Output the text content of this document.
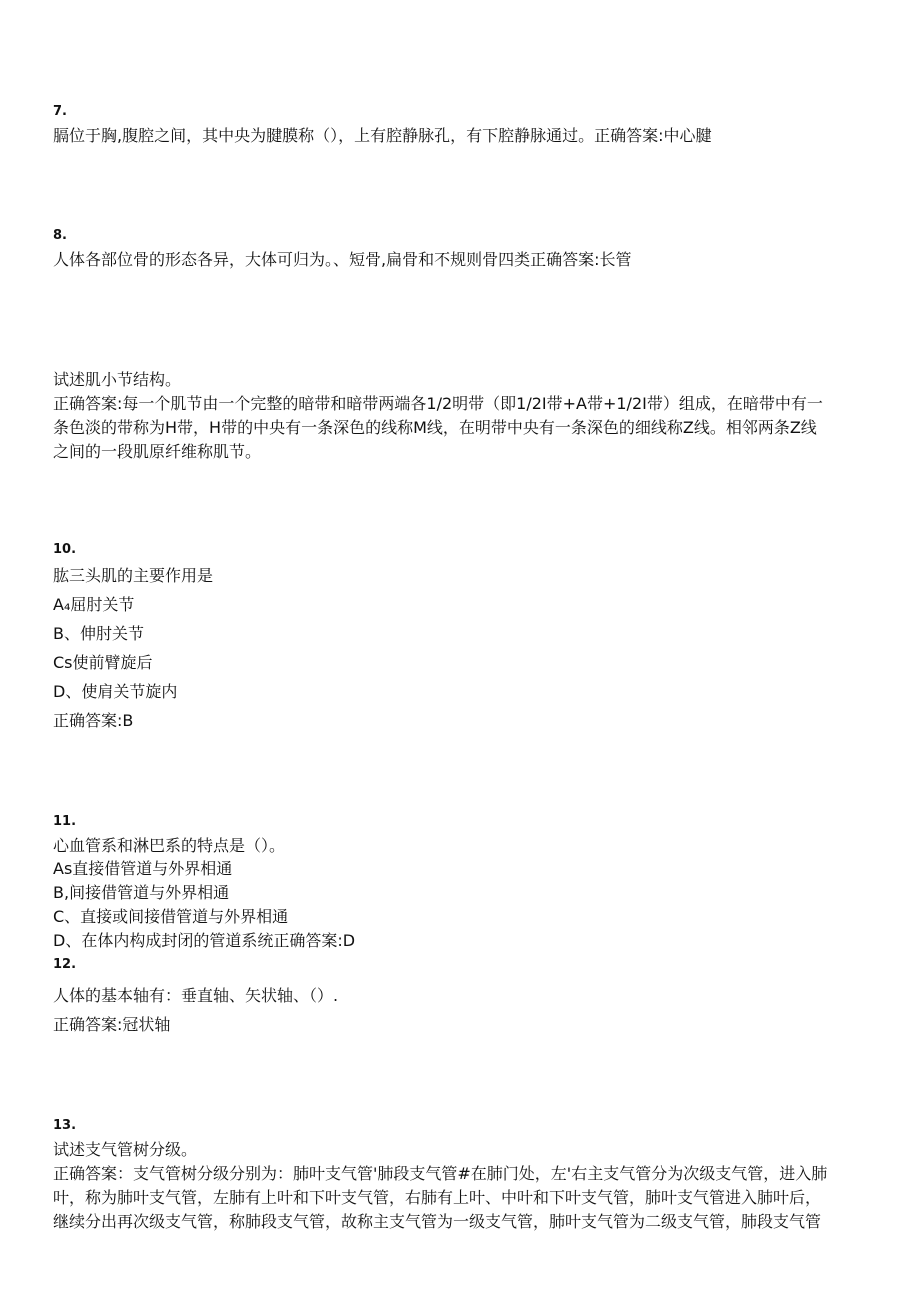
7.
膈位于胸,腹腔之间，其中央为腱膜称（），上有腔静脉孔，有下腔静脉通过。正确答案:中心腱
8.
人体各部位骨的形态各异，大体可归为。、短骨,扁骨和不规则骨四类正确答案:长管
试述肌小节结构。
正确答案:每一个肌节由一个完整的暗带和暗带两端各1/2明带（即1/2I带+A带+1/2I带）组成，在暗带中有一
条色淡的带称为H带，H带的中央有一条深色的线称M线，在明带中央有一条深色的细线称Z线。相邻两条Z线
之间的一段肌原纤维称肌节。
10.
肱三头肌的主要作用是
A₄屈肘关节
B、伸肘关节
Cs使前臂旋后
D、使肩关节旋内
正确答案:B
11.
心血管系和淋巴系的特点是（）。
As直接借管道与外界相通
B,间接借管道与外界相通
C、直接或间接借管道与外界相通
D、在体内构成封闭的管道系统正确答案:D
12.
人体的基本轴有：垂直轴、矢状轴、（）.
正确答案:冠状轴
13.
试述支气管树分级。
正确答案：支气管树分级分别为：肺叶支气管'肺段支气管#在肺门处，左'右主支气管分为次级支气管，进入肺
叶，称为肺叶支气管，左肺有上叶和下叶支气管，右肺有上叶、中叶和下叶支气管，肺叶支气管进入肺叶后，
继续分出再次级支气管，称肺段支气管，故称主支气管为一级支气管，肺叶支气管为二级支气管，肺段支气管
